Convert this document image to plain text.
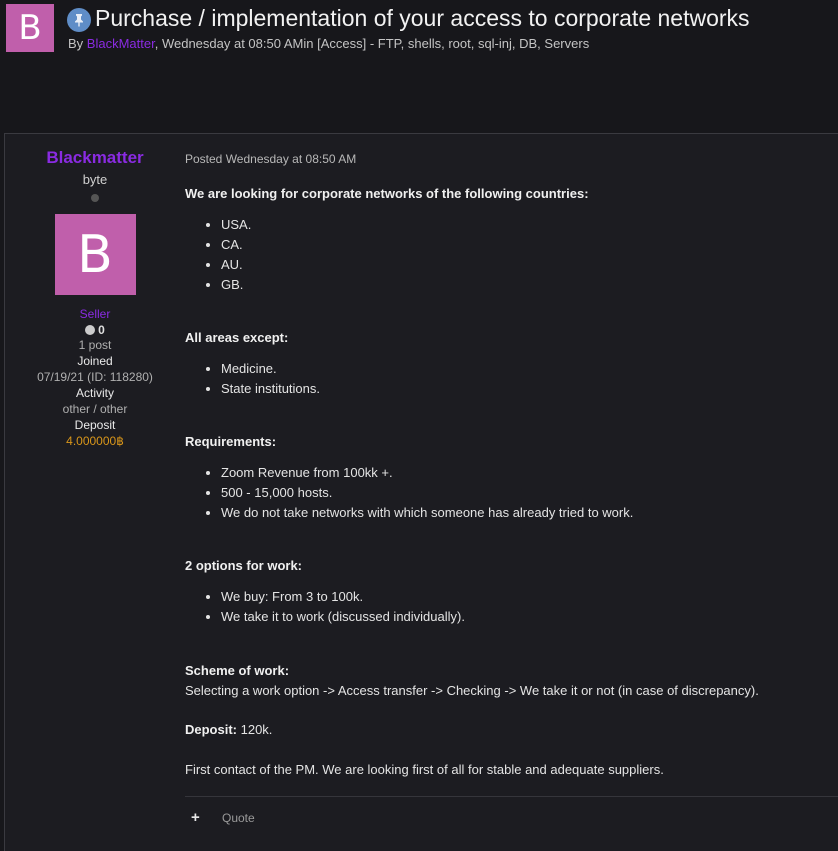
B	Purchase / implementation of your access to corporate networks
By BlackMatter, Wednesday at 08:50 AMin [Access] - FTP, shells, root, sql-inj, DB, Servers
Blackmatter
byte
B
Seller
0
1 post
Joined
07/19/21 (ID: 118280)
Activity
other / other
Deposit
4.000000฿
Posted Wednesday at 08:50 AM
We are looking for corporate networks of the following countries:
• USA.
• CA.
• AU.
• GB.
All areas except:
• Medicine.
• State institutions.
Requirements:
• Zoom Revenue from 100kk +.
• 500 - 15,000 hosts.
• We do not take networks with which someone has already tried to work.
2 options for work:
• We buy: From 3 to 100k.
• We take it to work (discussed individually).
Scheme of work:
Selecting a work option -> Access transfer -> Checking -> We take it or not (in case of discrepancy).
Deposit: 120k.
First contact of the PM. We are looking first of all for stable and adequate suppliers.
+ Quote
